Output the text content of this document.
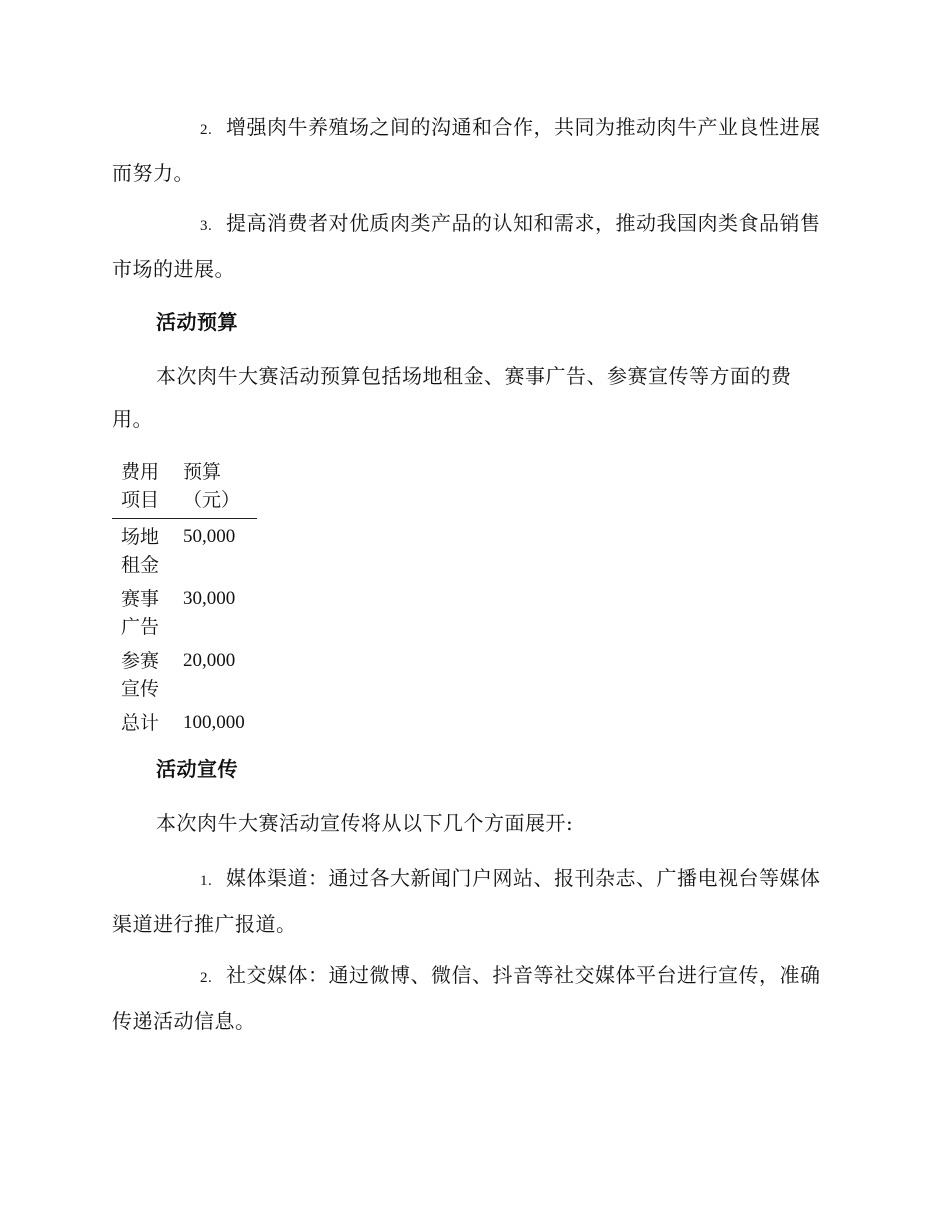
2. 增强肉牛养殖场之间的沟通和合作，共同为推动肉牛产业良性进展而努力。

3. 提高消费者对优质肉类产品的认知和需求，推动我国肉类食品销售市场的进展。

活动预算

本次肉牛大赛活动预算包括场地租金、赛事广告、参赛宣传等方面的费用。

费用项目	预算（元）
场地租金	50,000
赛事广告	30,000
参赛宣传	20,000
总计	100,000
活动宣传

本次肉牛大赛活动宣传将从以下几个方面展开:

1. 媒体渠道：通过各大新闻门户网站、报刊杂志、广播电视台等媒体渠道进行推广报道。

2. 社交媒体：通过微博、微信、抖音等社交媒体平台进行宣传，准确传递活动信息。
